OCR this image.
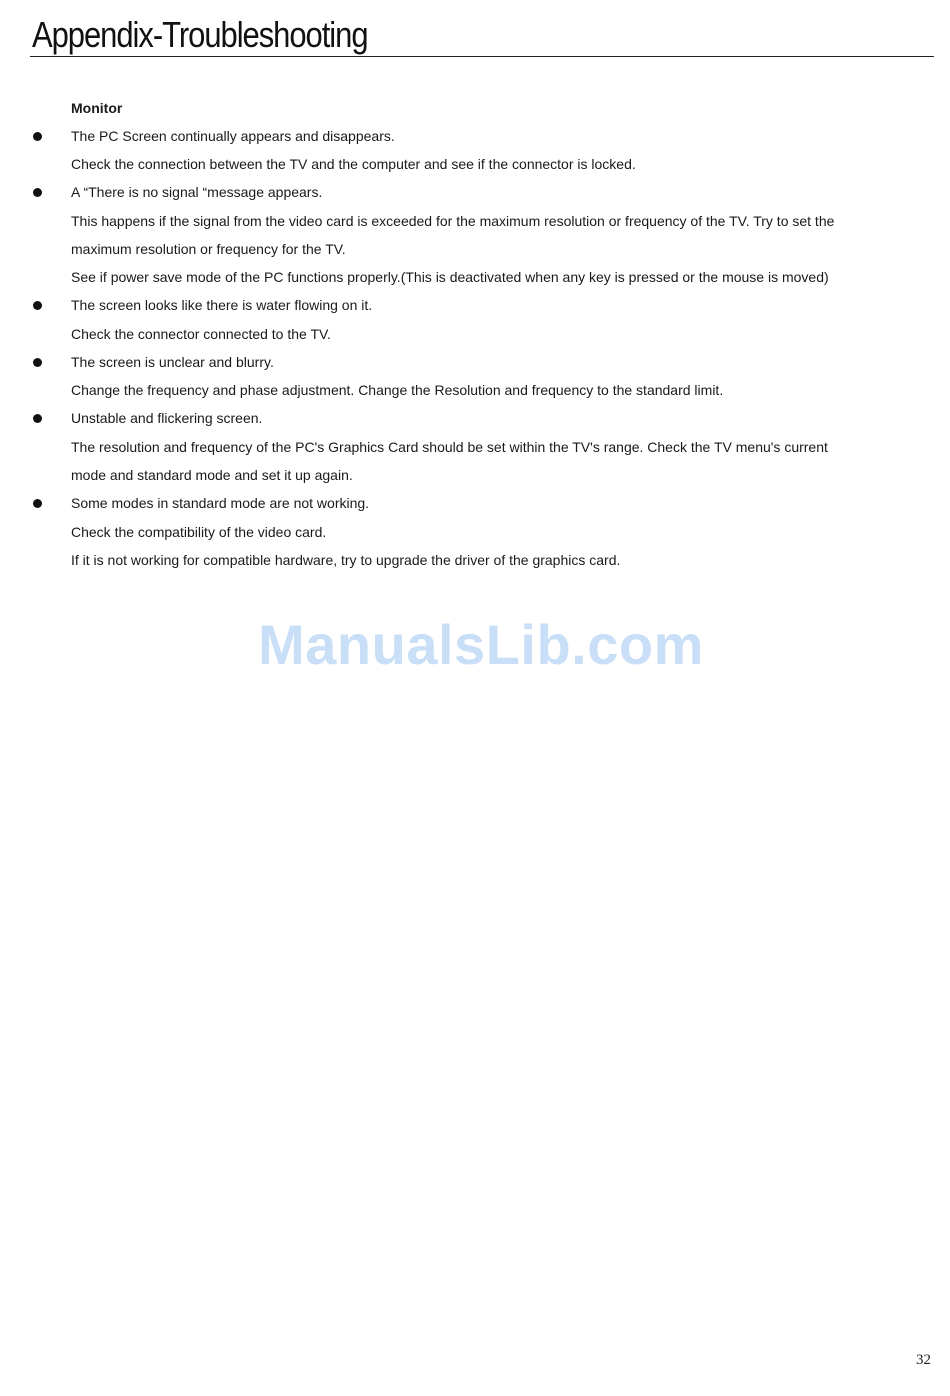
Appendix-Troubleshooting
Monitor
The PC Screen continually appears and disappears.
Check the connection between the TV and the computer and see if the connector is locked.
A “There is no signal “message appears.
This happens if the signal from the video card is exceeded for the maximum resolution or frequency of the TV. Try to set the
maximum resolution or frequency for the TV.
See if power save mode of the PC functions properly.(This is deactivated when any key is pressed or the mouse is moved)
The screen looks like there is water flowing on it.
Check the connector connected to the TV.
The screen is unclear and blurry.
Change the frequency and phase adjustment. Change the Resolution and frequency to the standard limit.
Unstable and flickering screen.
The resolution and frequency of the PC's Graphics Card should be set within the TV's range. Check the TV menu's current
mode and standard mode and set it up again.
Some modes in standard mode are not working.
Check the compatibility of the video card.
If it is not working for compatible hardware, try to upgrade the driver of the graphics card.
ManualsLib.com
32
